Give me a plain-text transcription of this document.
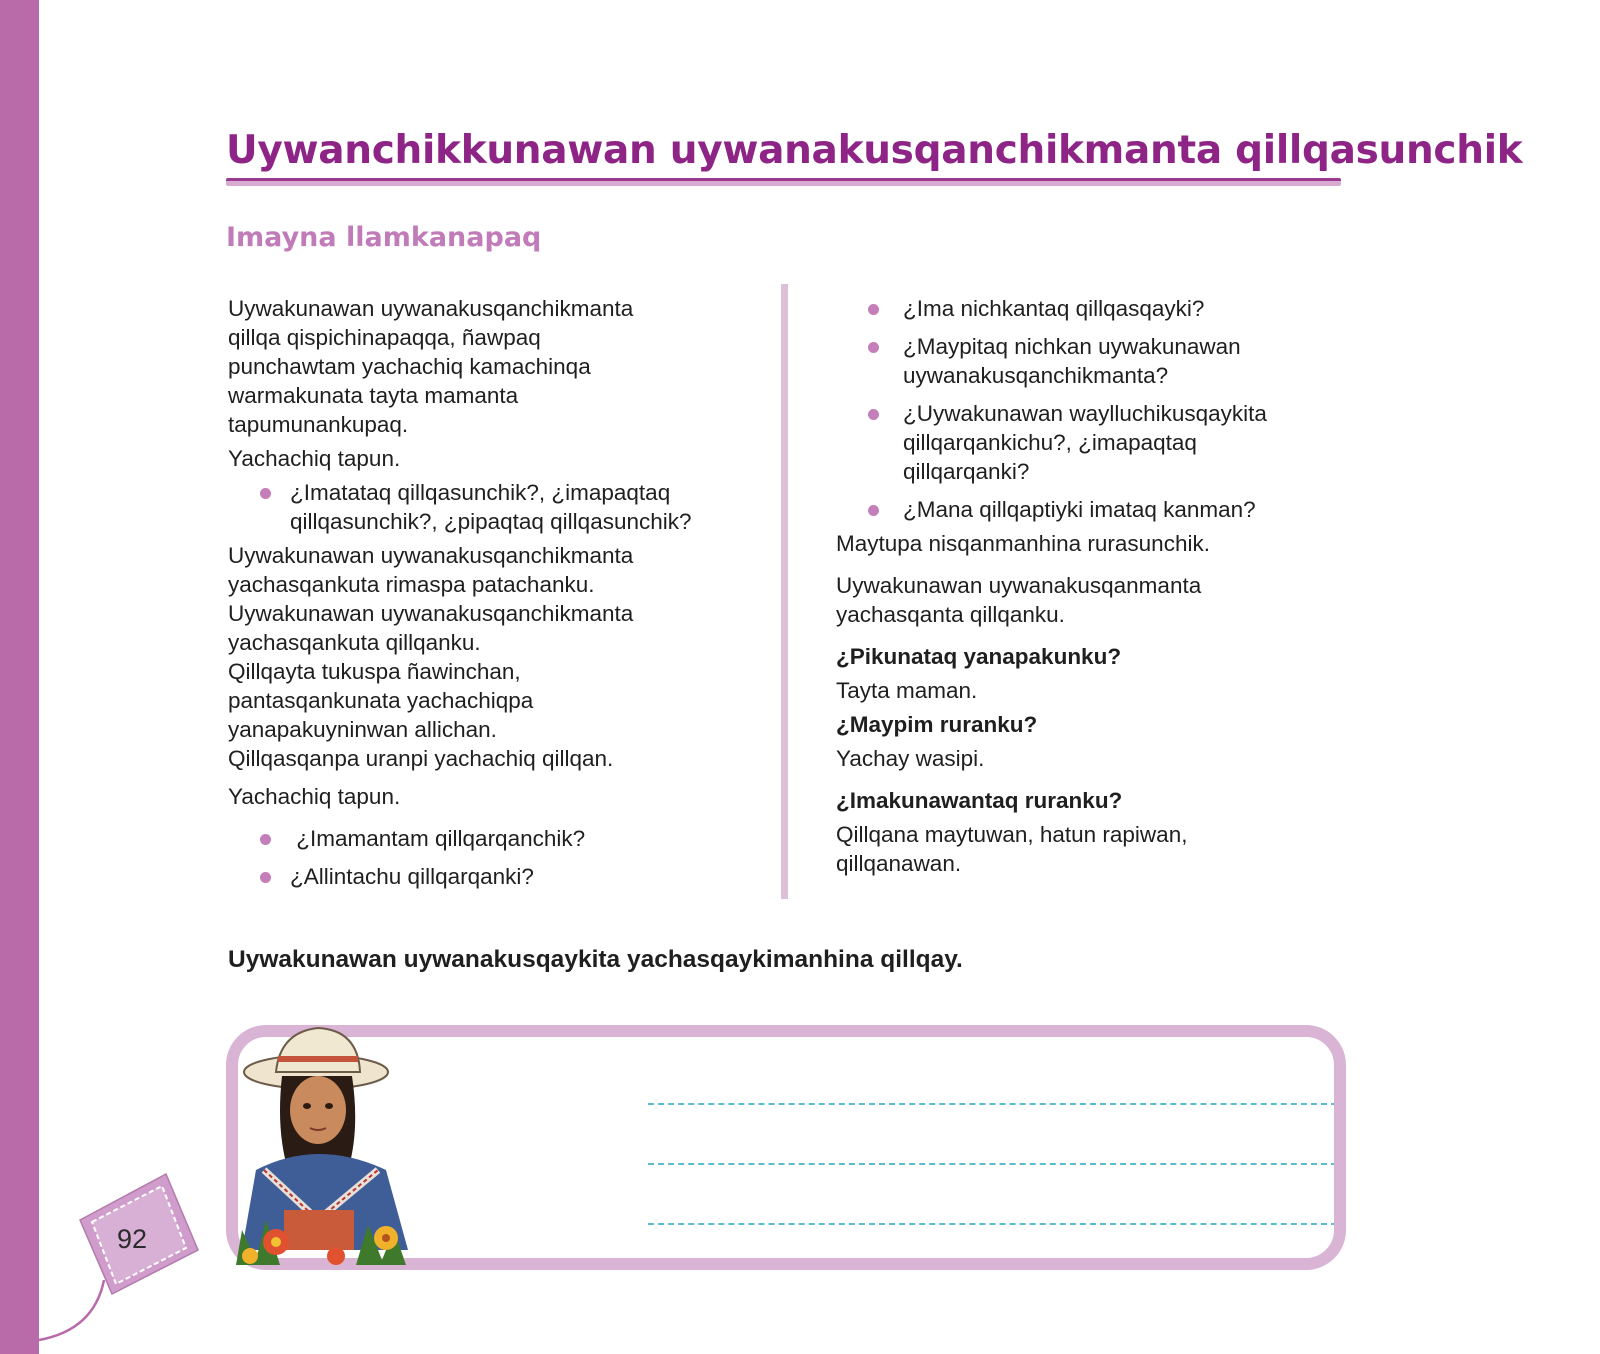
Uywanchikkunawan uywanakusqanchikmanta qillqasunchik
Imayna llamkanapaq

Uywakunawan uywanakusqanchikmanta

qillqa qispichinapaqqa, ñawpaq

punchawtam yachachiq kamachinqa

warmakunata tayta mamanta

tapumunankupaq.

Yachachiq tapun.

¿Imatataq qillqasunchik?, ¿imapaqtaq
qillqasunchik?, ¿pipaqtaq qillqasunchik?

Uywakunawan uywanakusqanchikmanta

yachasqankuta rimaspa patachanku.

Uywakunawan uywanakusqanchikmanta

yachasqankuta qillqanku.

Qillqayta tukuspa ñawinchan,

pantasqankunata yachachiqpa

yanapakuyninwan allichan.

Qillqasqanpa uranpi yachachiq qillqan.

Yachachiq tapun.

¿Imamantam qillqarqanchik?
¿Allintachu qillqarqanki?
¿Ima nichkantaq qillqasqayki?
¿Maypitaq nichkan uywakunawan
uywanakusqanchikmanta?
¿Uywakunawan waylluchikusqaykita
qillqarqankichu?, ¿imapaqtaq
qillqarqanki?
¿Mana qillqaptiyki imataq kanman?

Maytupa nisqanmanhina rurasunchik.

Uywakunawan uywanakusqanmanta

yachasqanta qillqanku.

¿Pikunataq yanapakunku?

Tayta maman.

¿Maypim ruranku?

Yachay wasipi.

¿Imakunawantaq ruranku?

Qillqana maytuwan, hatun rapiwan,

qillqanawan.

Uywakunawan uywanakusqaykita yachasqaykimanhina qillqay.

92
